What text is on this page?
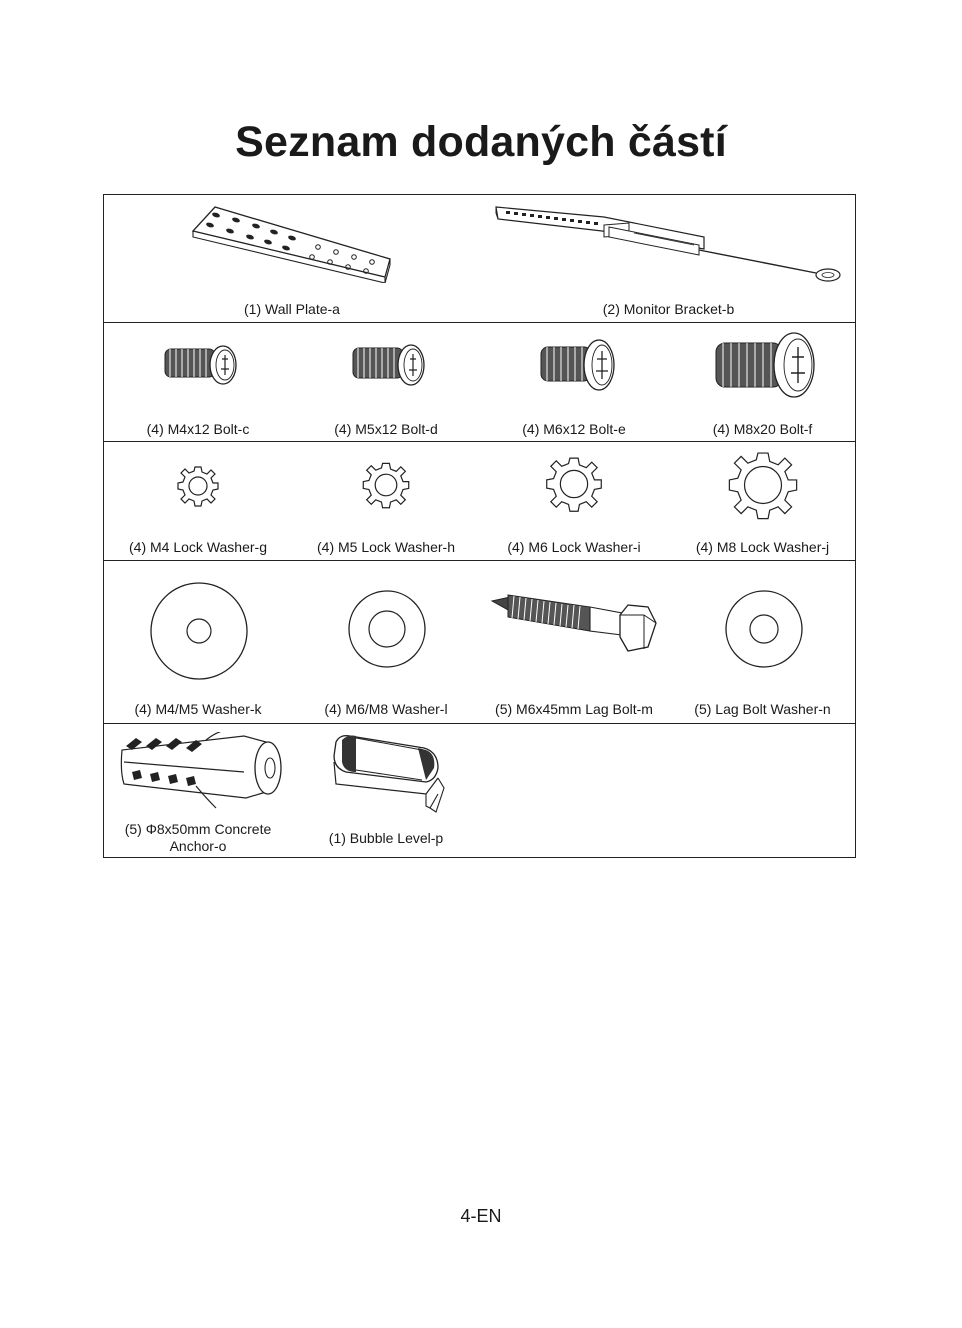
Seznam dodaných částí
(1) Wall Plate-a	(2) Monitor Bracket-b
(4) M4x12 Bolt-c	(4) M5x12 Bolt-d	(4) M6x12 Bolt-e	(4) M8x20 Bolt-f
(4) M4 Lock Washer-g	(4) M5 Lock Washer-h	(4) M6 Lock Washer-i	(4) M8 Lock Washer-j
(4) M4/M5 Washer-k	(4) M6/M8 Washer-l	(5) M6x45mm Lag Bolt-m	(5) Lag Bolt Washer-n
(5) Φ8x50mm Concrete Anchor-o	(1) Bubble Level-p
4-EN
